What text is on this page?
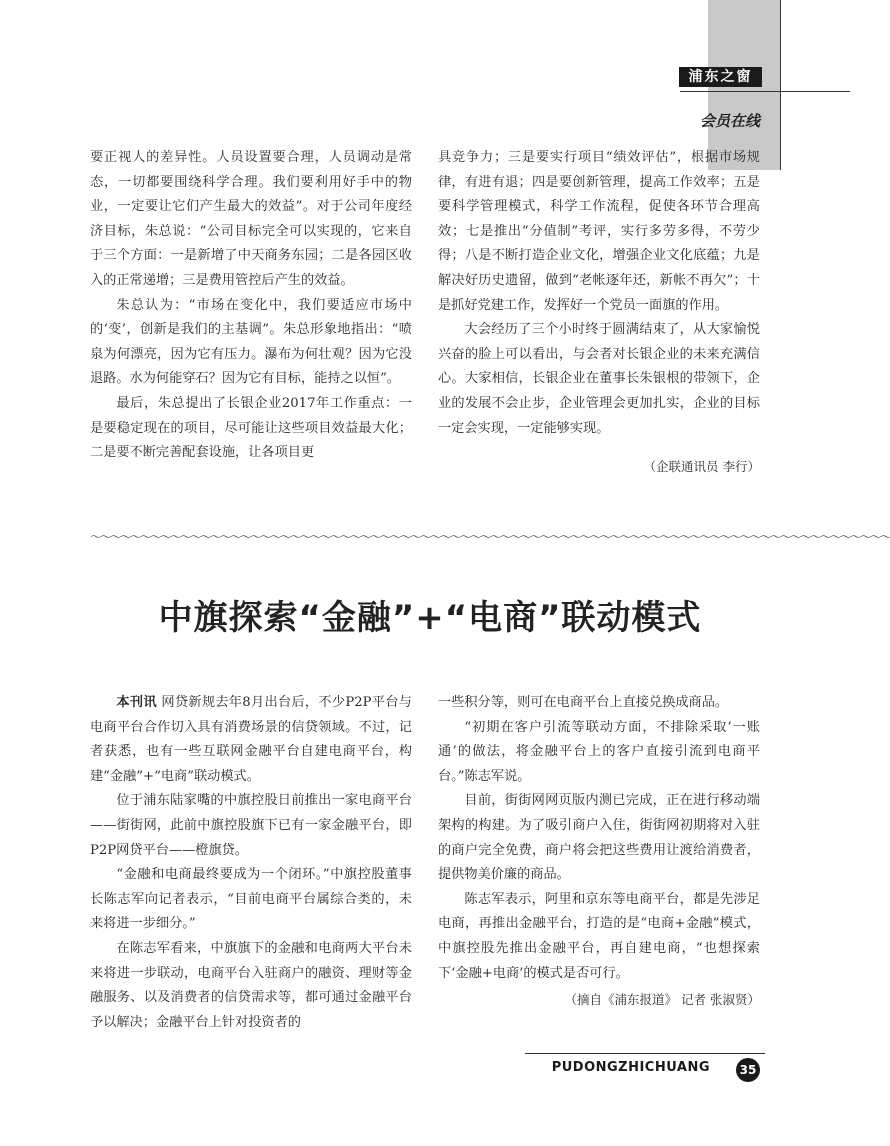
浦东之窗
会员在线

要正视人的差异性。人员设置要合理，人员调动是常态，一切都要围绕科学合理。我们要利用好手中的物业，一定要让它们产生最大的效益”。对于公司年度经济目标，朱总说：“公司目标完全可以实现的，它来自于三个方面：一是新增了中天商务东园；二是各园区收入的正常递增；三是费用管控后产生的效益。

朱总认为：“市场在变化中，我们要适应市场中的‘变’，创新是我们的主基调”。朱总形象地指出：“喷泉为何漂亮，因为它有压力。瀑布为何壮观？因为它没退路。水为何能穿石？因为它有目标，能持之以恒”。

最后，朱总提出了长银企业2017年工作重点：一是要稳定现在的项目，尽可能让这些项目效益最大化；二是要不断完善配套设施，让各项目更

具竞争力；三是要实行项目“绩效评估”，根据市场规律，有进有退；四是要创新管理，提高工作效率；五是要科学管理模式，科学工作流程，促使各环节合理高效；七是推出“分值制”考评，实行多劳多得，不劳少得；八是不断打造企业文化，增强企业文化底蕴；九是解决好历史遗留，做到“老帐逐年还，新帐不再欠”；十是抓好党建工作，发挥好一个党员一面旗的作用。

大会经历了三个小时终于圆满结束了，从大家愉悦兴奋的脸上可以看出，与会者对长银企业的未来充满信心。大家相信，长银企业在董事长朱银根的带领下，企业的发展不会止步，企业管理会更加扎实，企业的目标一定会实现，一定能够实现。

（企联通讯员 李行）

〜〜〜〜〜〜〜〜〜〜〜〜〜〜〜〜〜〜〜〜〜〜〜〜〜〜〜〜〜〜〜〜〜〜〜〜〜〜〜〜〜〜〜〜〜〜〜〜〜〜〜〜〜〜〜〜〜〜〜〜〜〜〜〜〜〜〜〜〜〜〜〜〜〜〜〜〜〜〜〜
中旗探索“金融”+“电商”联动模式

本刊讯 网贷新规去年8月出台后，不少P2P平台与电商平台合作切入具有消费场景的信贷领域。不过，记者获悉，也有一些互联网金融平台自建电商平台，构建“金融”+“电商”联动模式。

位于浦东陆家嘴的中旗控股日前推出一家电商平台——街街网，此前中旗控股旗下已有一家金融平台，即P2P网贷平台——橙旗贷。

“金融和电商最终要成为一个闭环。”中旗控股董事长陈志军向记者表示，“目前电商平台属综合类的，未来将进一步细分。”

在陈志军看来，中旗旗下的金融和电商两大平台未来将进一步联动，电商平台入驻商户的融资、理财等金融服务、以及消费者的信贷需求等，都可通过金融平台予以解决；金融平台上针对投资者的

一些积分等，则可在电商平台上直接兑换成商品。

“初期在客户引流等联动方面，不排除采取‘一账通’的做法，将金融平台上的客户直接引流到电商平台。”陈志军说。

目前，街街网网页版内测已完成，正在进行移动端架构的构建。为了吸引商户入住，街街网初期将对入驻的商户完全免费，商户将会把这些费用让渡给消费者，提供物美价廉的商品。

陈志军表示，阿里和京东等电商平台，都是先涉足电商，再推出金融平台，打造的是“电商+金融”模式，中旗控股先推出金融平台，再自建电商，“也想探索下‘金融+电商’的模式是否可行。

（摘自《浦东报道》 记者 张淑贤）

PUDONGZHICHUANG	35
